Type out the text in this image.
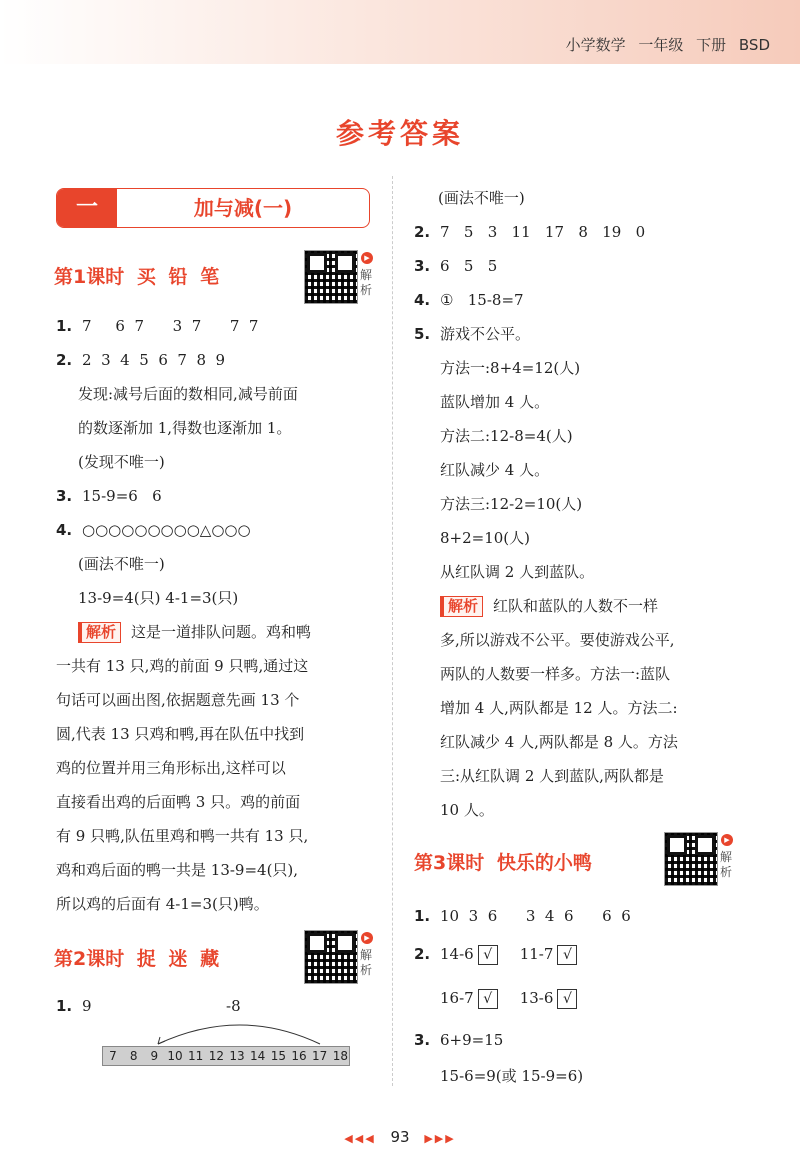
小学数学 一年级 下册 BSD
参考答案
一	加与减(一)
第1课时 买 铅 笔
▶
解析
1. 7     6  7      3  7      7  7
2. 2  3  4  5  6  7  8  9
发现:减号后面的数相同,减号前面
的数逐渐加 1,得数也逐渐加 1。
(发现不唯一)
3. 15-9=6   6
4. ○○○○○○○○○△○○○
(画法不唯一)
13-9=4(只) 4-1=3(只)
解析 这是一道排队问题。鸡和鸭
一共有 13 只,鸡的前面 9 只鸭,通过这
句话可以画出图,依据题意先画 13 个
圆,代表 13 只鸡和鸭,再在队伍中找到
鸡的位置并用三角形标出,这样可以
直接看出鸡的后面鸭 3 只。鸡的前面
有 9 只鸭,队伍里鸡和鸭一共有 13 只,
鸡和鸡后面的鸭一共是 13-9=4(只),
所以鸡的后面有 4-1=3(只)鸭。
第2课时 捉 迷 藏
▶
解析
1. 9	-8
7	8	9 10 11 12 13 14 15 16 17 18
(画法不唯一)
2. 7   5   3   11   17   8   19   0
3. 6   5   5
4. ①   15-8=7
5. 游戏不公平。
方法一:8+4=12(人)
蓝队增加 4 人。
方法二:12-8=4(人)
红队减少 4 人。
方法三:12-2=10(人)
8+2=10(人)
从红队调 2 人到蓝队。
解析 红队和蓝队的人数不一样
多,所以游戏不公平。要使游戏公平,
两队的人数要一样多。方法一:蓝队
增加 4 人,两队都是 12 人。方法二:
红队减少 4 人,两队都是 8 人。方法
三:从红队调 2 人到蓝队,两队都是
10 人。
第3课时 快乐的小鸭
▶
解析
1. 10  3  6      3  4  6      6  6
2. 14-6 √ 11-7 √
16-7 √ 13-6 √
3. 6+9=15
15-6=9(或 15-9=6)
◀◀◀ 93 ▶▶▶
